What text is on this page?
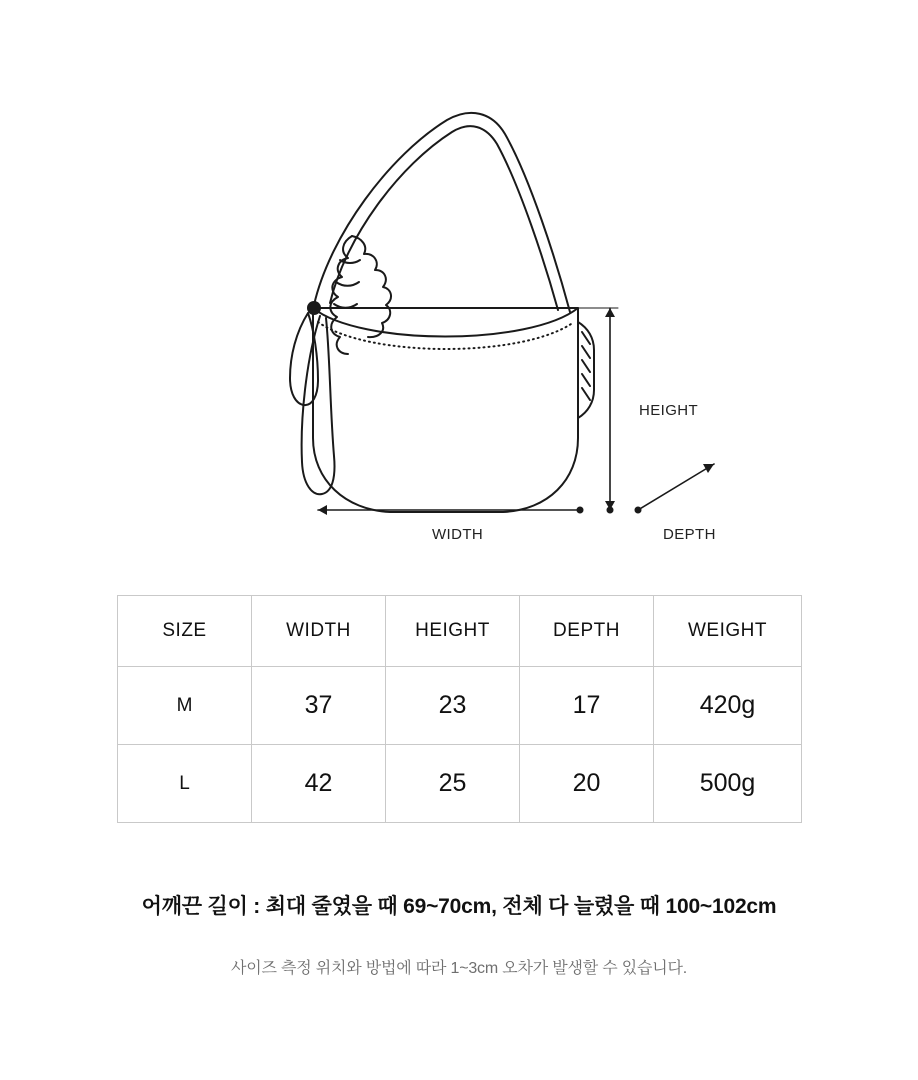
HEIGHT
WIDTH	DEPTH
SIZE	WIDTH	HEIGHT	DEPTH	WEIGHT
M	37	23	17	420g
L	42	25	20	500g
어깨끈 길이 : 최대 줄였을 때 69~70cm, 전체 다 늘렸을 때 100~102cm
사이즈 측정 위치와 방법에 따라 1~3cm 오차가 발생할 수 있습니다.
